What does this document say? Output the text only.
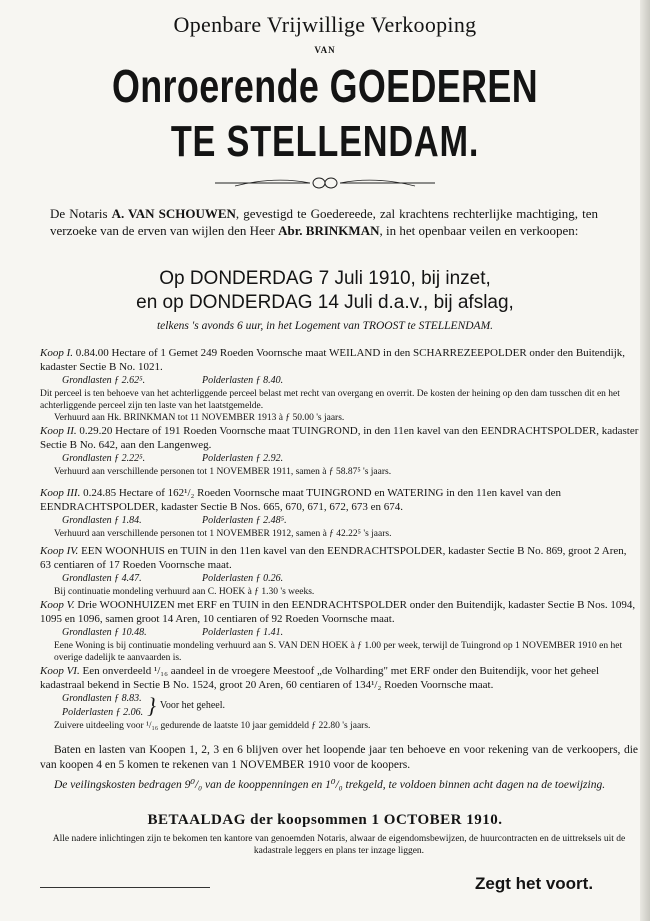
Openbare Vrijwillige Verkooping
VAN
Onroerende GOEDEREN
TE STELLENDAM.
De Notaris A. VAN SCHOUWEN, gevestigd te Goedereede, zal krachtens rechterlijke machtiging, ten verzoeke van de erven van wijlen den Heer Abr. BRINKMAN, in het openbaar veilen en verkoopen:
Op DONDERDAG 7 Juli 1910, bij inzet,
en op DONDERDAG 14 Juli d.a.v., bij afslag,
telkens 's avonds 6 uur, in het Logement van TROOST te STELLENDAM.
Koop I. 0.84.00 Hectare of 1 Gemet 249 Roeden Voornsche maat WEILAND in den SCHARREZEEPOLDER onder den Buitendijk, kadaster Sectie B No. 1021.
Grondlasten ƒ 2.62⁵.	Polderlasten ƒ 8.40.
Dit perceel is ten behoeve van het achterliggende perceel belast met recht van overgang en overrit. De kosten der heining op den dam tusschen dit en het achterliggende perceel zijn ten laste van het laatstgemelde.
Verhuurd aan Hk. BRINKMAN tot 11 NOVEMBER 1913 à ƒ 50.00 's jaars.
Koop II. 0.29.20 Hectare of 191 Roeden Voornsche maat TUINGROND, in den 11en kavel van den EENDRACHTSPOLDER, kadaster Sectie B No. 642, aan den Langenweg.
Grondlasten ƒ 2.22⁵.	Polderlasten ƒ 2.92.
Verhuurd aan verschillende personen tot 1 NOVEMBER 1911, samen à ƒ 58.87⁵ 's jaars.
Koop III. 0.24.85 Hectare of 162¹/₂ Roeden Voornsche maat TUINGROND en WATERING in den 11en kavel van den EENDRACHTSPOLDER, kadaster Sectie B Nos. 665, 670, 671, 672, 673 en 674.
Grondlasten ƒ 1.84.	Polderlasten ƒ 2.48⁵.
Verhuurd aan verschillende personen tot 1 NOVEMBER 1912, samen à ƒ 42.22⁵ 's jaars.
Koop IV. EEN WOONHUIS en TUIN in den 11en kavel van den EENDRACHTSPOLDER, kadaster Sectie B No. 869, groot 2 Aren, 63 centiaren of 17 Roeden Voornsche maat.
Grondlasten ƒ 4.47.	Polderlasten ƒ 0.26.
Bij continuatie mondeling verhuurd aan C. HOEK à ƒ 1.30 's weeks.
Koop V. Drie WOONHUIZEN met ERF en TUIN in den EENDRACHTSPOLDER onder den Buitendijk, kadaster Sectie B Nos. 1094, 1095 en 1096, samen groot 14 Aren, 10 centiaren of 92 Roeden Voornsche maat.
Grondlasten ƒ 10.48.	Polderlasten ƒ 1.41.
Eene Woning is bij continuatie mondeling verhuurd aan S. VAN DEN HOEK à ƒ 1.00 per week, terwijl de Tuingrond op 1 NOVEMBER 1910 en het overige dadelijk te aanvaarden is.
Koop VI. Een onverdeeld ¹/₁₆ aandeel in de vroegere Meestoof „de Volharding" met ERF onder den Buitendijk, voor het geheel kadastraal bekend in Sectie B No. 1524, groot 20 Aren, 60 centiaren of 134¹/₂ Roeden Voornsche maat.
Grondlasten ƒ 8.83.
Polderlasten ƒ 2.06. } Voor het geheel.
Zuivere uitdeeling voor ¹/₁₆ gedurende de laatste 10 jaar gemiddeld ƒ 22.80 's jaars.
Baten en lasten van Koopen 1, 2, 3 en 6 blijven over het loopende jaar ten behoeve en voor rekening van de verkoopers, die van koopen 4 en 5 komen te rekenen van 1 NOVEMBER 1910 voor de koopers.
De veilingskosten bedragen 9⁰/₀ van de kooppenningen en 1⁰/₀ trekgeld, te voldoen binnen acht dagen na de toewijzing.
BETAALDAG der koopsommen 1 OCTOBER 1910.
Alle nadere inlichtingen zijn te bekomen ten kantore van genoemden Notaris, alwaar de eigendomsbewijzen, de huurcontracten en de uittreksels uit de kadastrale leggers en plans ter inzage liggen.
Zegt het voort.
